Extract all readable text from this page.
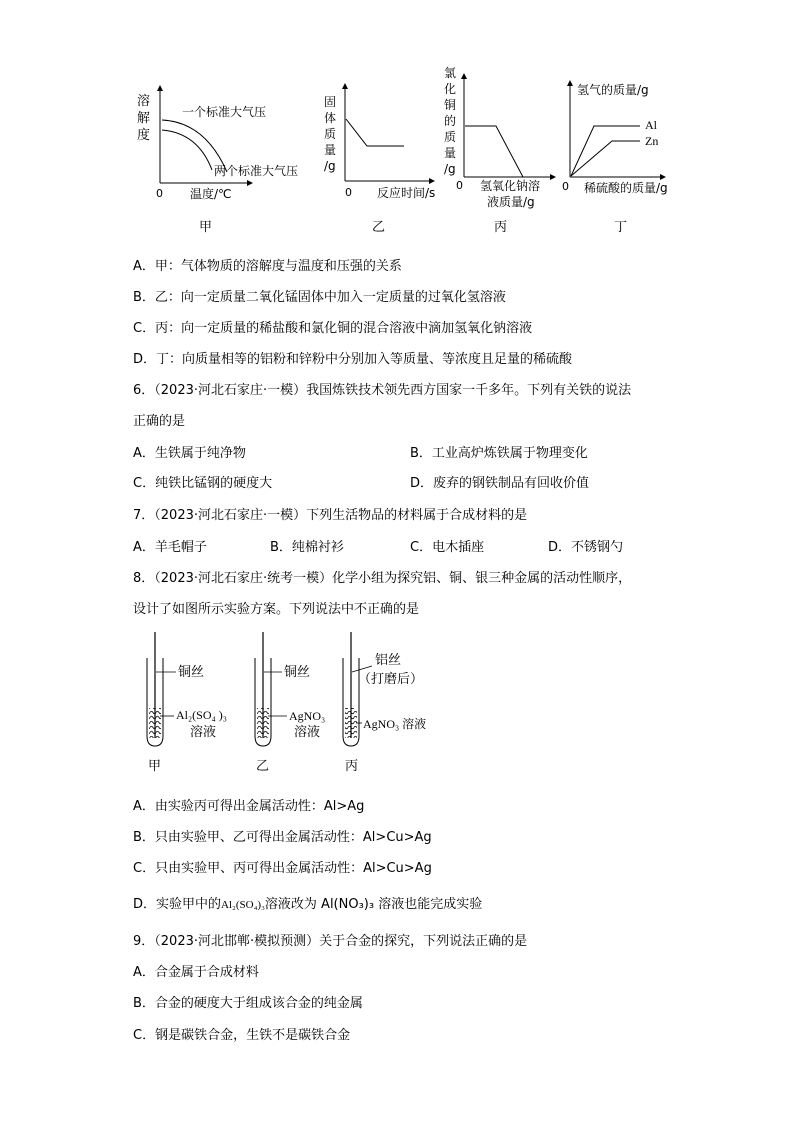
溶
解
度
一个标准大气压
两个标准大气压
0 温度/℃
甲
固
体
质
量
/g
0 反应时间/s
乙
氯
化
铜
的
质
量
/g
0 氢氧化钠溶
液质量/g
丙
氢气的质量/g
Al
Zn
0 稀硫酸的质量/g
丁
A．甲：气体物质的溶解度与温度和压强的关系
B．乙：向一定质量二氧化锰固体中加入一定质量的过氧化氢溶液
C．丙：向一定质量的稀盐酸和氯化铜的混合溶液中滴加氢氧化钠溶液
D．丁：向质量相等的铝粉和锌粉中分别加入等质量、等浓度且足量的稀硫酸
6．（2023·河北石家庄·一模）我国炼铁技术领先西方国家一千多年。下列有关铁的说法
正确的是
A．生铁属于纯净物	B．工业高炉炼铁属于物理变化
C．纯铁比锰钢的硬度大	D．废弃的钢铁制品有回收价值
7．（2023·河北石家庄·一模）下列生活物品的材料属于合成材料的是
A．羊毛帽子	B．纯棉衬衫	C．电木插座	D．不锈钢勺
8．（2023·河北石家庄·统考一模）化学小组为探究铝、铜、银三种金属的活动性顺序，
设计了如图所示实验方案。下列说法中不正确的是
铜丝
Al₂(SO₄ )₃
溶液
甲
铜丝
AgNO₃
溶液
乙
铝丝
（打磨后）
AgNO₃ 溶液
丙
A．由实验丙可得出金属活动性：Al>Ag
B．只由实验甲、乙可得出金属活动性：Al>Cu>Ag
C．只由实验甲、丙可得出金属活动性：Al>Cu>Ag
D．实验甲中的Al₂(SO₄)₃溶液改为 Al(NO₃)₃ 溶液也能完成实验
9．（2023·河北邯郸·模拟预测）关于合金的探究，下列说法正确的是
A．合金属于合成材料
B．合金的硬度大于组成该合金的纯金属
C．钢是碳铁合金，生铁不是碳铁合金
